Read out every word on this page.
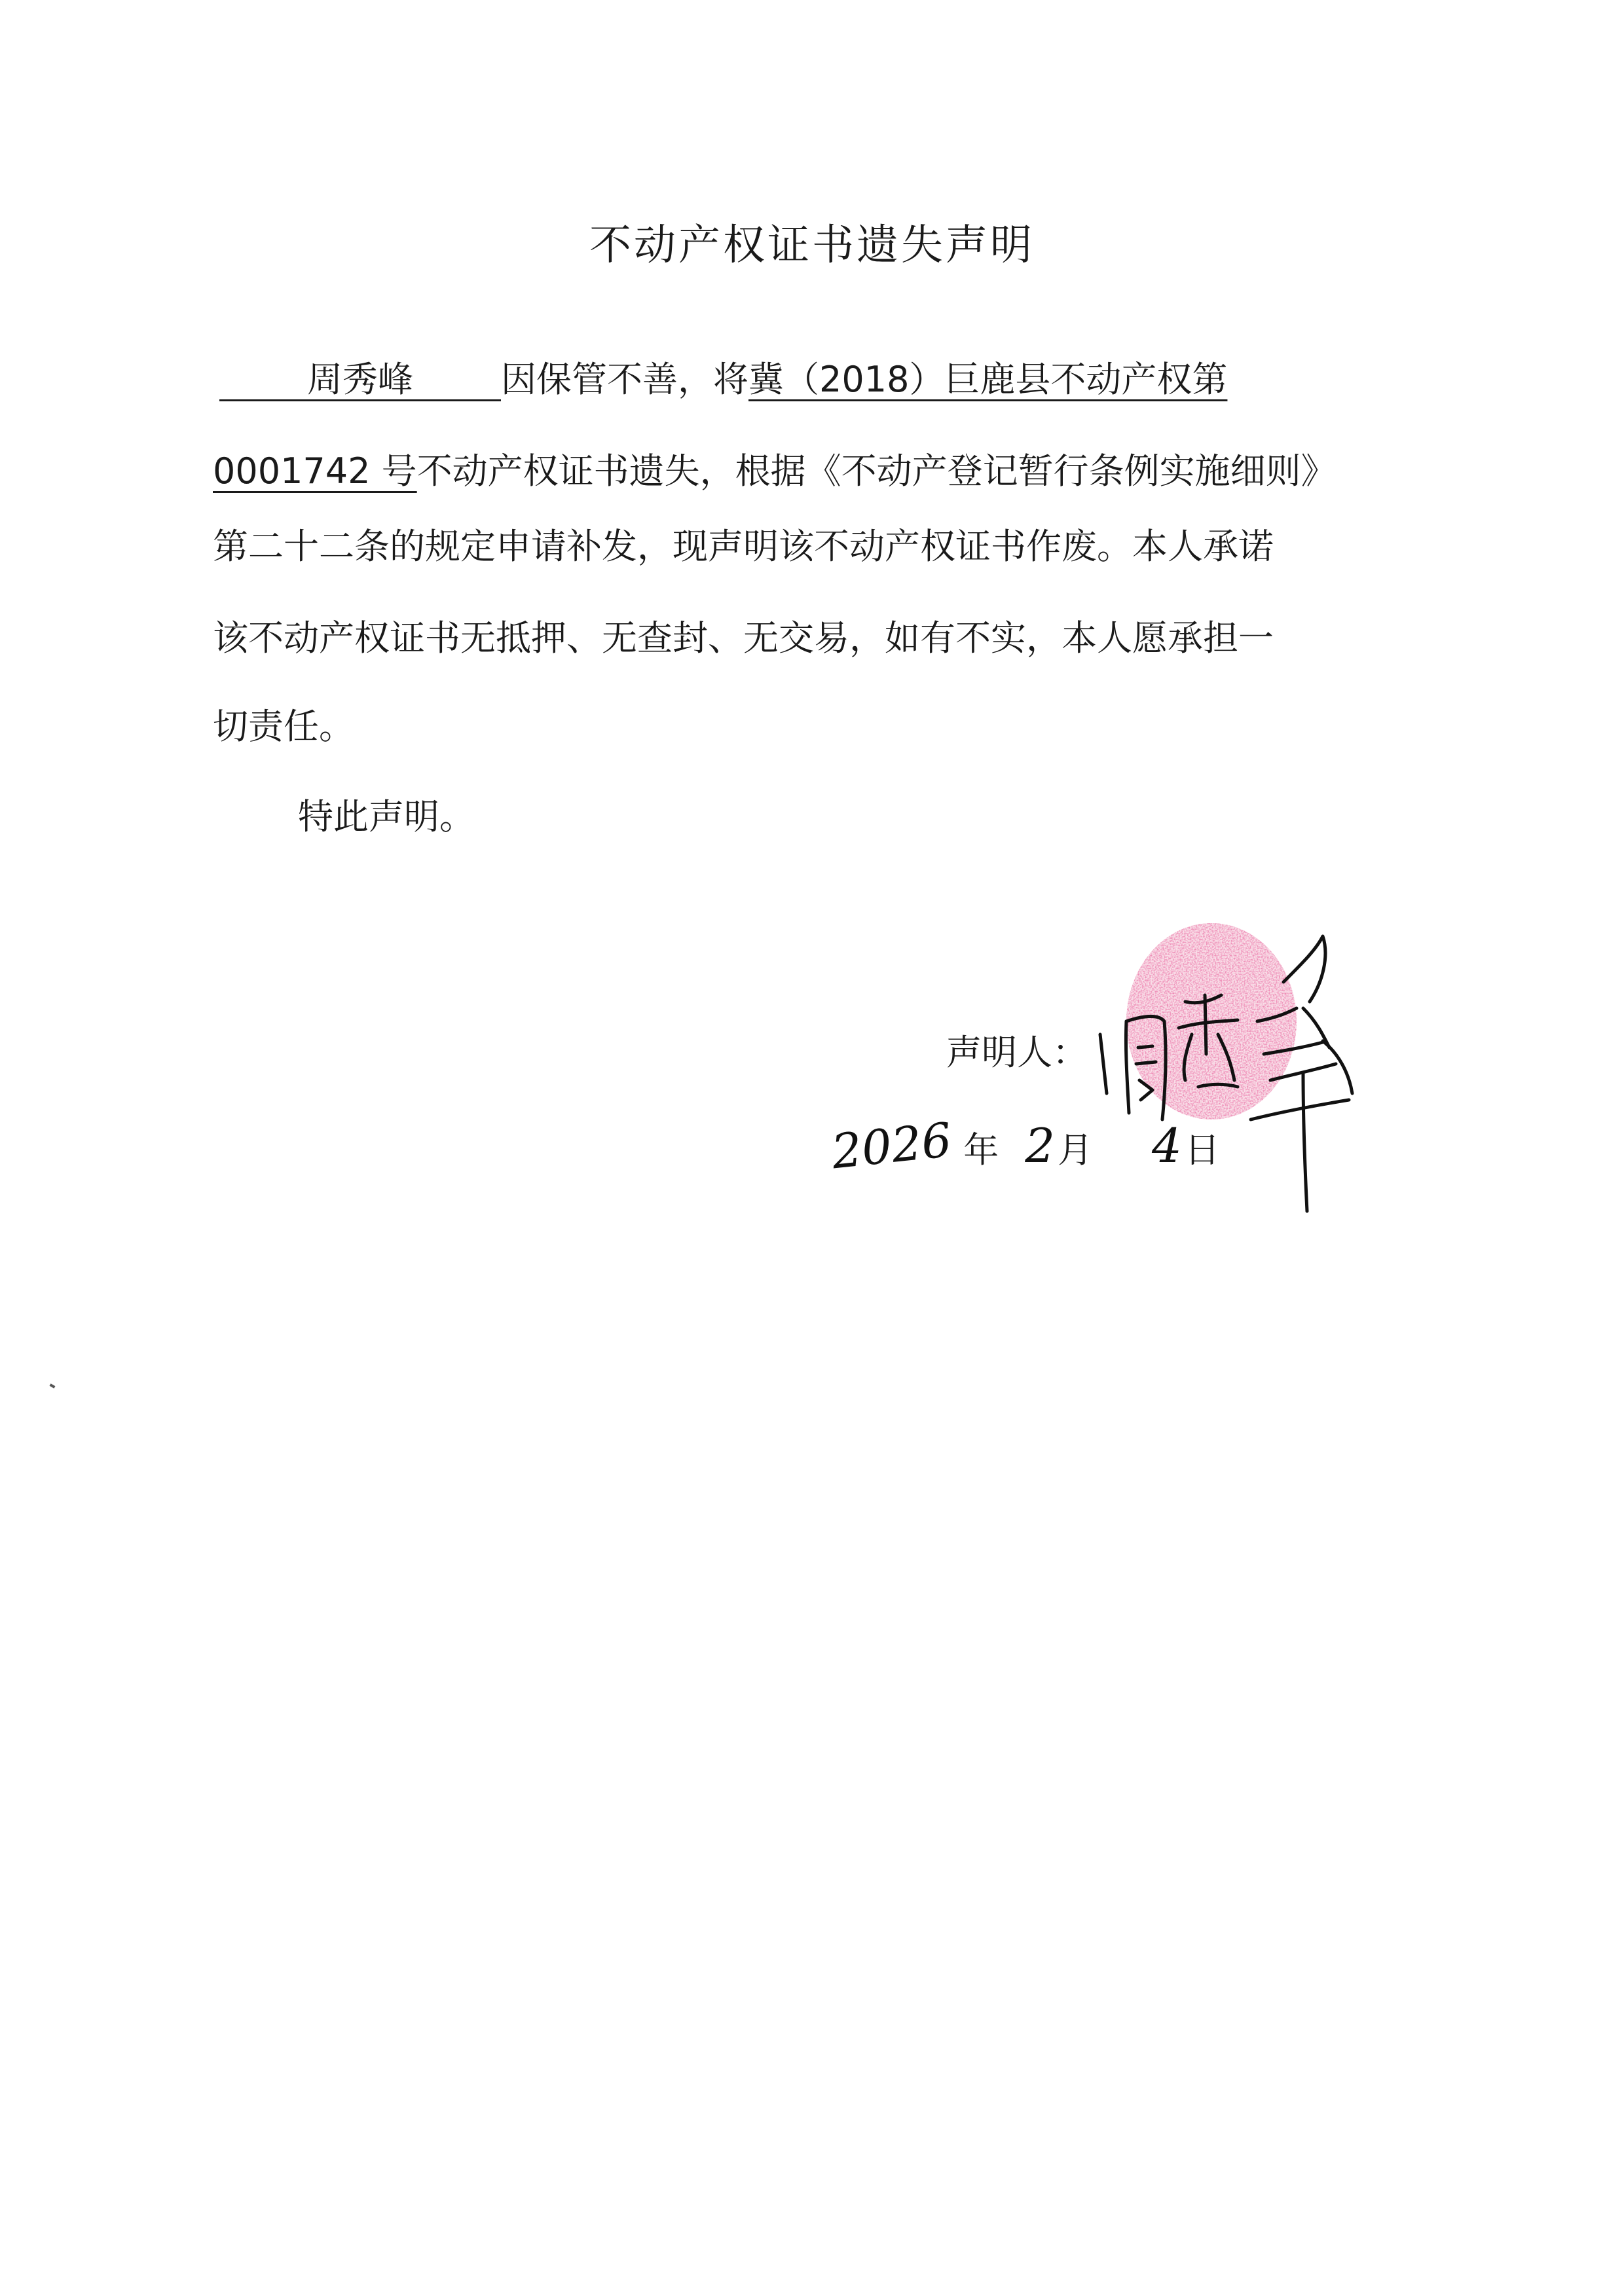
不动产权证书遗失声明
周秀峰 因保管不善，将冀（2018）巨鹿县不动产权第
0001742 号不动产权证书遗失，根据《不动产登记暂行条例实施细则》
第二十二条的规定申请补发，现声明该不动产权证书作废。本人承诺
该不动产权证书无抵押、无查封、无交易，如有不实，本人愿承担一
切责任。
特此声明。
声明人：
2026 年 2月 4日
